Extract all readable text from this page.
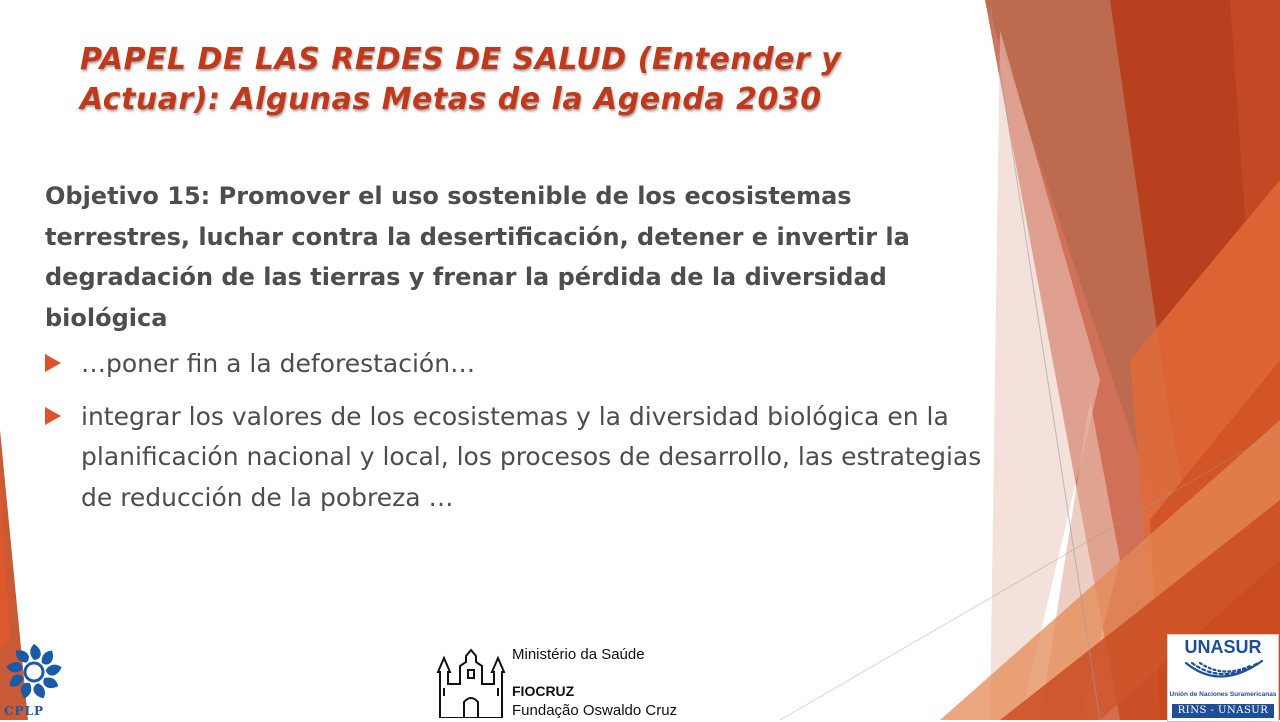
PAPEL DE LAS REDES DE SALUD (Entender y Actuar): Algunas Metas de la Agenda 2030

Objetivo 15: Promover el uso sostenible de los ecosistemas terrestres, luchar contra la desertificación, detener e invertir la degradación de las tierras y frenar la pérdida de la diversidad biológica

…poner fin a la deforestación…
integrar los valores de los ecosistemas y la diversidad biológica en la planificación nacional y local, los procesos de desarrollo, las estrategias de reducción de la pobreza …
CPLP
Ministério da Saúde
FIOCRUZ
Fundação Oswaldo Cruz
UNASUR
Unión de Naciones Suramericanas
RINS - UNASUR
